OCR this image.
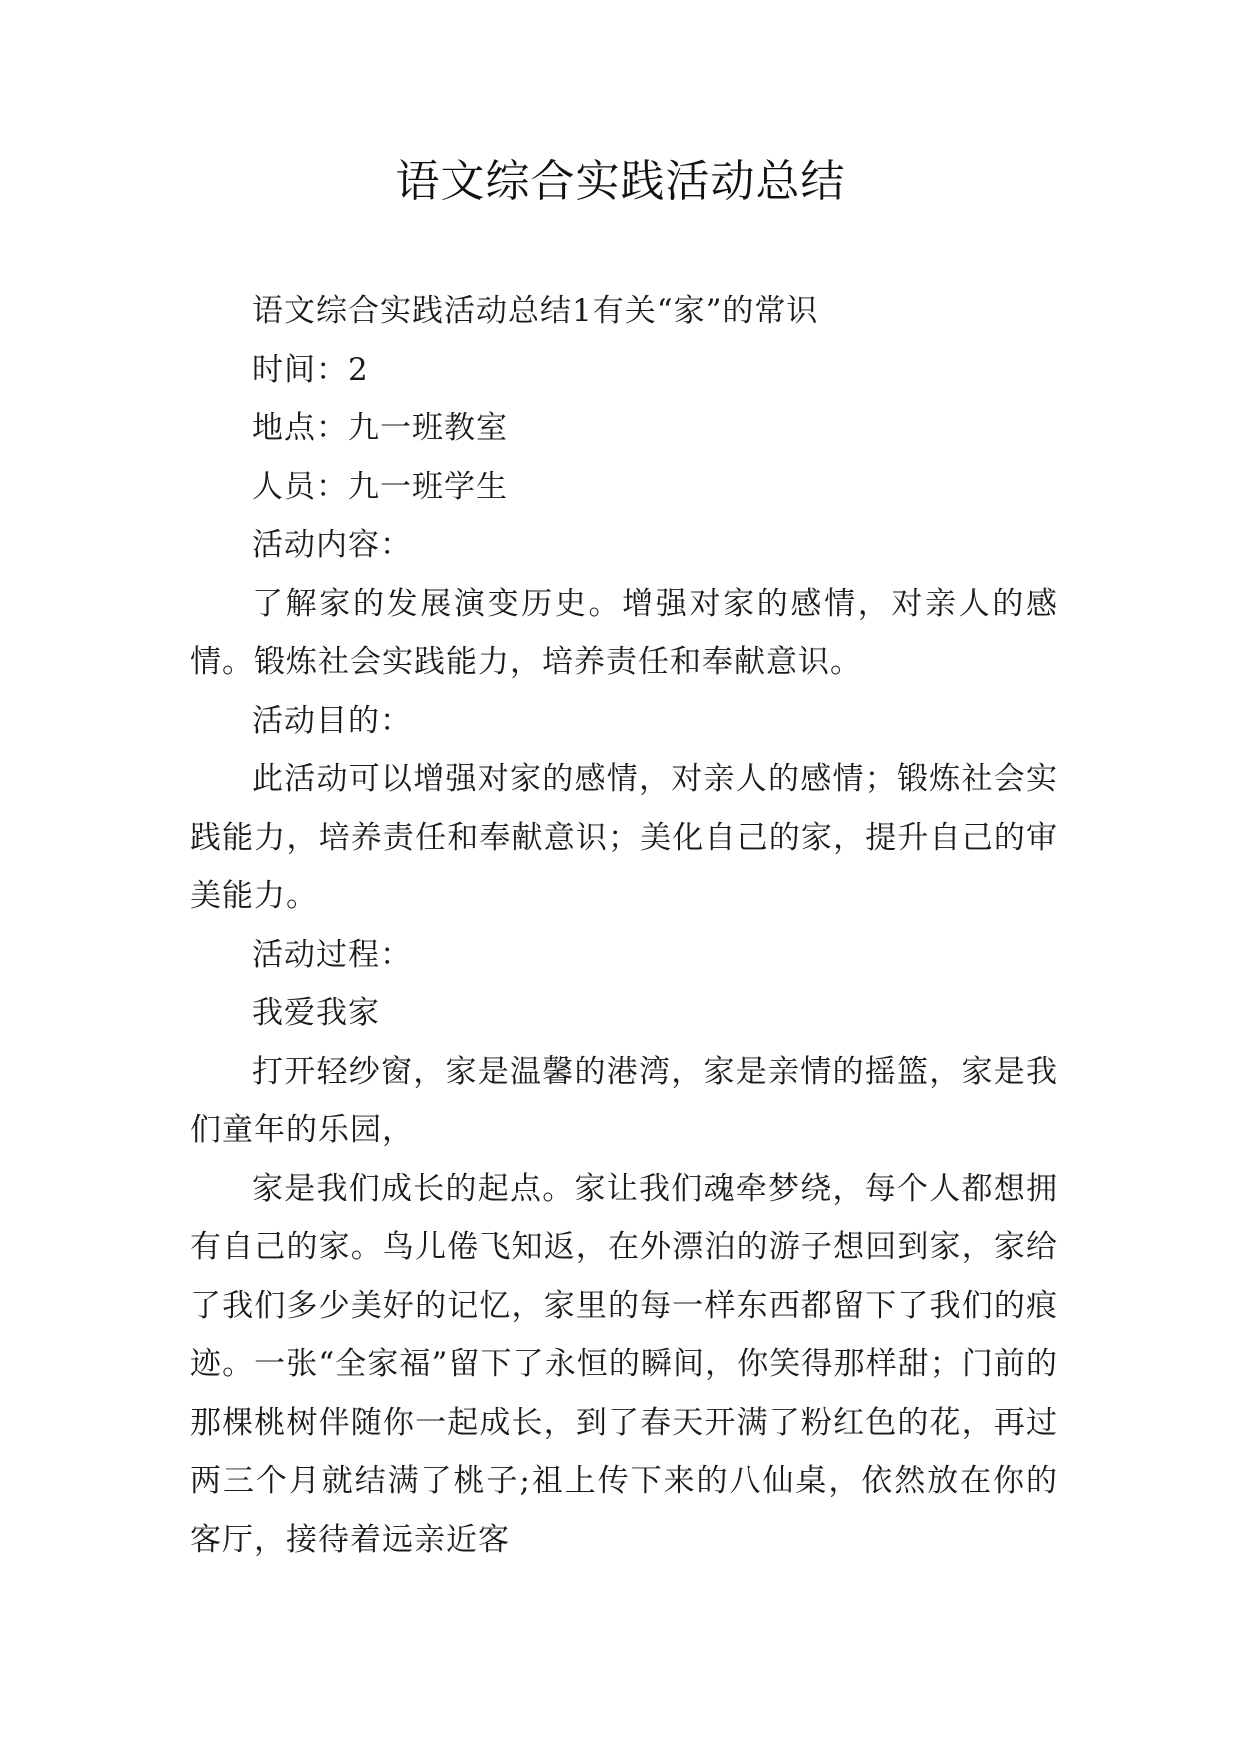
语文综合实践活动总结

语文综合实践活动总结1有关“家”的常识

时间：2

地点：九一班教室

人员：九一班学生

活动内容：

了解家的发展演变历史。增强对家的感情，对亲人的感情。锻炼社会实践能力，培养责任和奉献意识。

活动目的：

此活动可以增强对家的感情，对亲人的感情；锻炼社会实践能力，培养责任和奉献意识；美化自己的家，提升自己的审美能力。

活动过程：

我爱我家

打开轻纱窗，家是温馨的港湾，家是亲情的摇篮，家是我们童年的乐园，

家是我们成长的起点。家让我们魂牵梦绕，每个人都想拥有自己的家。鸟儿倦飞知返，在外漂泊的游子想回到家，家给了我们多少美好的记忆，家里的每一样东西都留下了我们的痕迹。一张“全家福”留下了永恒的瞬间，你笑得那样甜；门前的那棵桃树伴随你一起成长，到了春天开满了粉红色的花，再过两三个月就结满了桃子;祖上传下来的八仙桌，依然放在你的客厅，接待着远亲近客
